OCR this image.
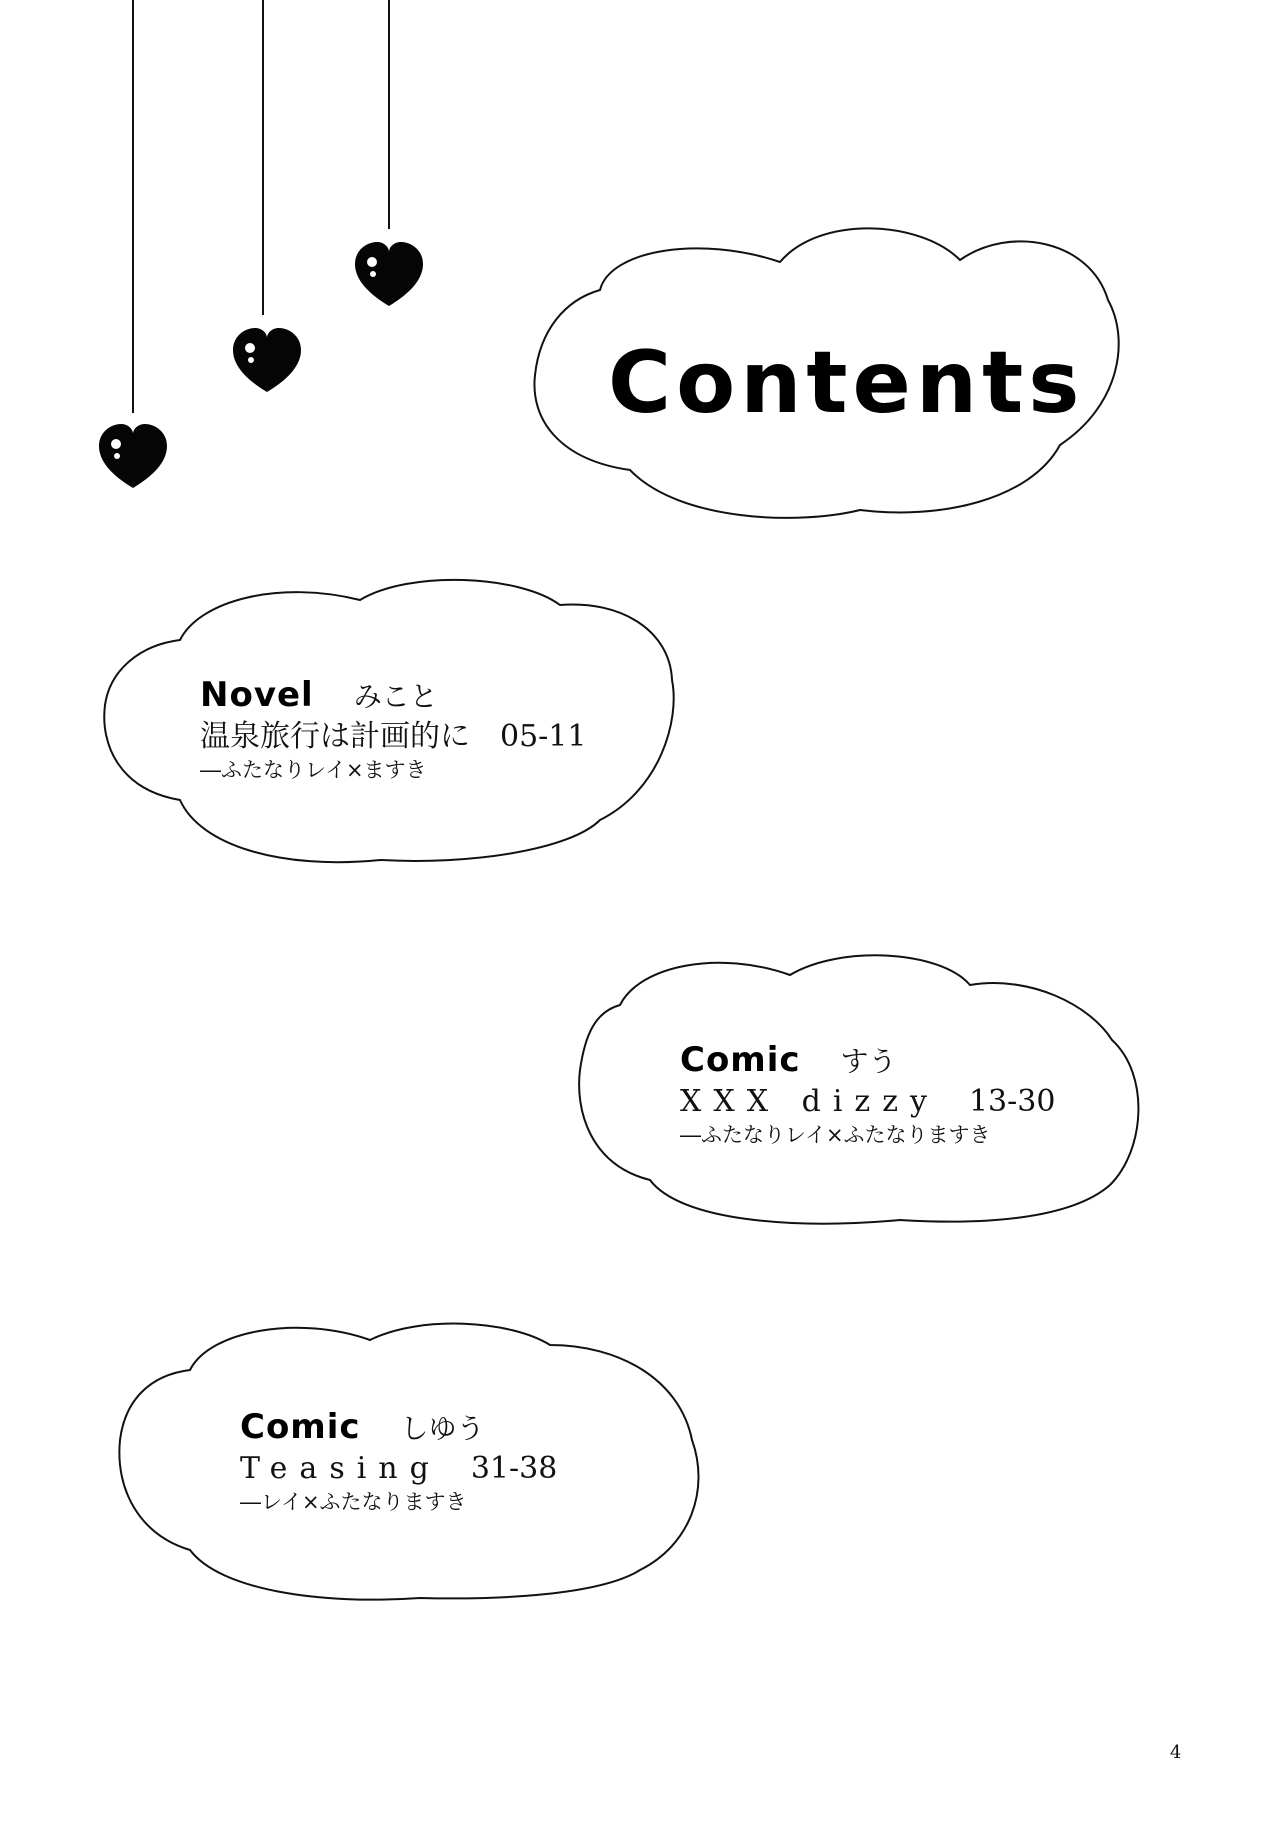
Contents
Novel みこと
温泉旅行は計画的に 05-11
―ふたなりレイ×ますき
Comic すう
XXX dizzy 13-30
―ふたなりレイ×ふたなりますき
Comic しゆう
Teasing 31-38
―レイ×ふたなりますき
4
